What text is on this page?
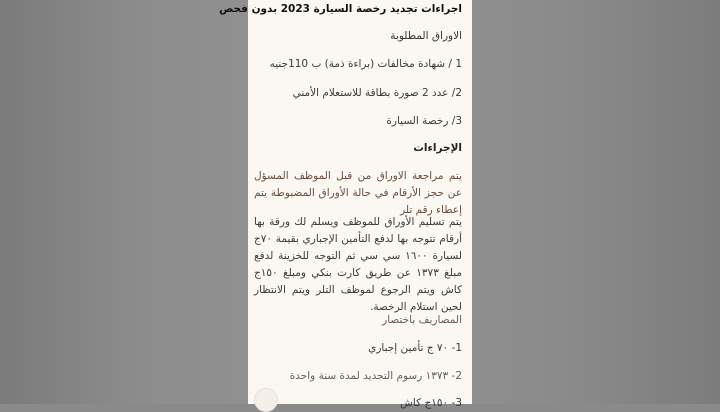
اجراءات تجديد رخصة السيارة 2023 بدون فحص
الاوراق المطلوبة
1 / شهادة مخالفات (براءة ذمة) ب 110جنيه
2/ عدد 2 صورة بطاقة للاستعلام الأمني
3/ رخصة السيارة
الإجراءات
يتم مراجعة الاوراق من قبل الموظف المسؤل عن حجز الأرقام في حالة الأوراق المضبوطة يتم إعطاء رقم تلر
يتم تسليم الأوراق للموظف ويسلم لك ورقة بها أرقام تتوجه بها لدفع التأمين الإجباري بقيمة ٧٠ج لسيارة ١٦٠٠ سي سي ثم التوجه للخزينة لدفع مبلغ ١٣٧٣ عن طريق كارت بنكي ومبلغ ١٥٠ج كاش ويتم الرجوع لموظف التلر ويتم الانتظار لحين استلام الرخصة.
المصاريف باختصار
1- ٧٠ ج تأمين إجباري
2- ١٣٧٣ رسوم التجديد لمدة سنة واحدة
3- ١٥٠ج كاش
